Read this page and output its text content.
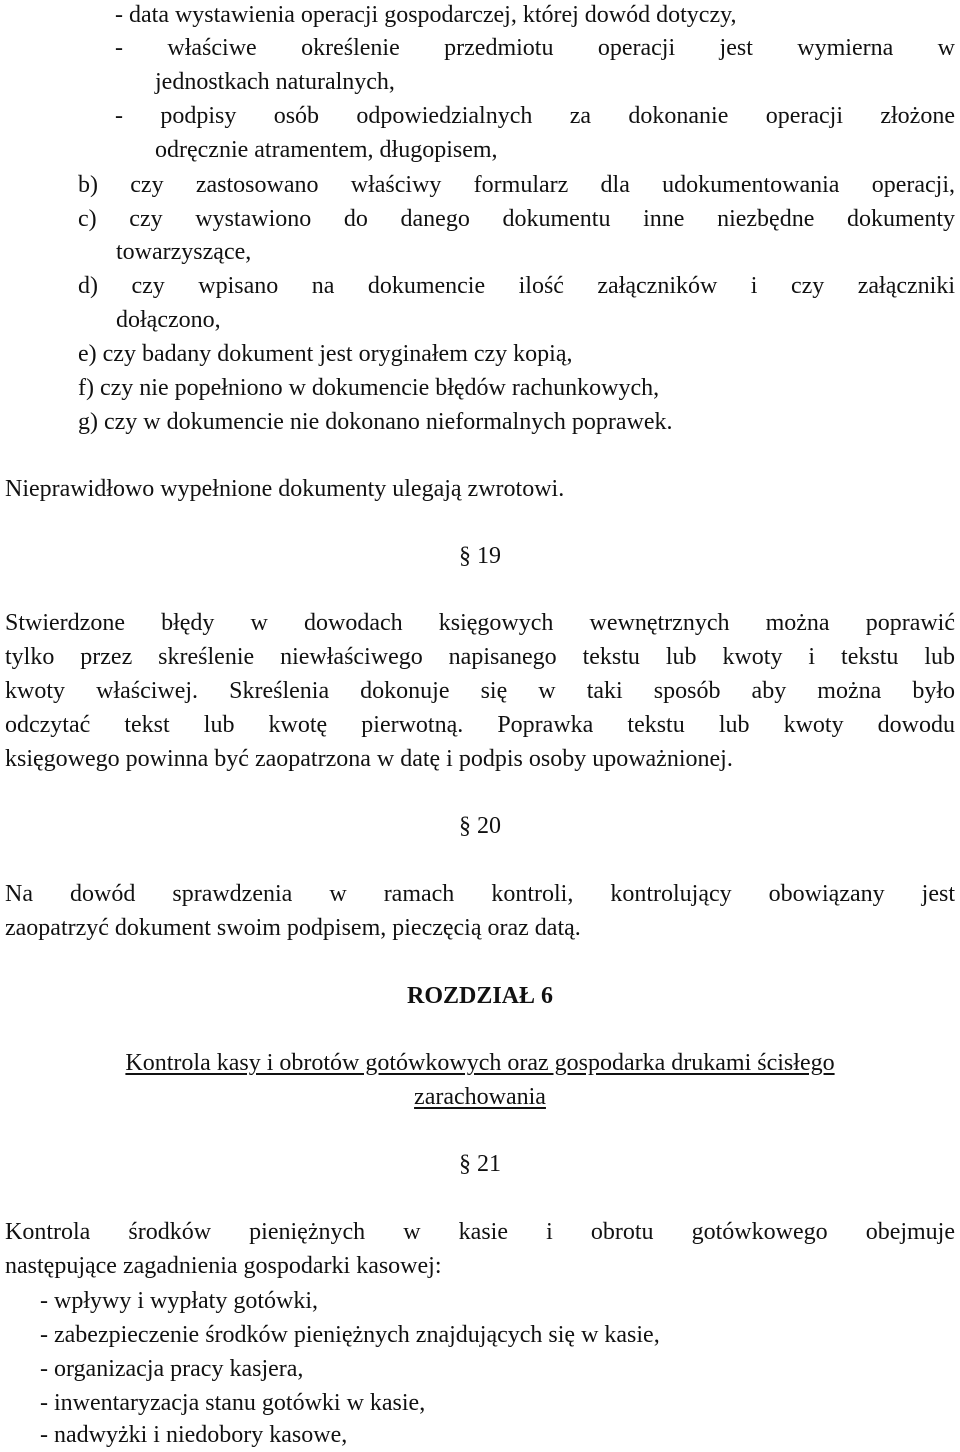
- data wystawienia operacji gospodarczej, której dowód dotyczy,
- właściwe określenie przedmiotu operacji jest wymierna w
jednostkach naturalnych,
- podpisy osób odpowiedzialnych za dokonanie operacji złożone
odręcznie atramentem, długopisem,
b) czy zastosowano właściwy formularz dla udokumentowania operacji,
c) czy wystawiono do danego dokumentu inne niezbędne dokumenty
towarzyszące,
d) czy wpisano na dokumencie ilość załączników i czy załączniki
dołączono,
e) czy badany dokument jest oryginałem czy kopią,
f) czy nie popełniono w dokumencie błędów rachunkowych,
g) czy w dokumencie nie dokonano nieformalnych poprawek.
Nieprawidłowo wypełnione dokumenty ulegają zwrotowi.
§ 19
Stwierdzone błędy w dowodach księgowych wewnętrznych można poprawić
tylko przez skreślenie niewłaściwego napisanego tekstu lub kwoty i tekstu lub
kwoty właściwej. Skreślenia dokonuje się w taki sposób aby można było
odczytać tekst lub kwotę pierwotną. Poprawka tekstu lub kwoty dowodu
księgowego powinna być zaopatrzona w datę i podpis osoby upoważnionej.
§ 20
Na dowód sprawdzenia w ramach kontroli, kontrolujący obowiązany jest
zaopatrzyć dokument swoim podpisem, pieczęcią oraz datą.
ROZDZIAŁ 6
Kontrola kasy i obrotów gotówkowych oraz gospodarka drukami ścisłego
zarachowania
§ 21
Kontrola środków pieniężnych w kasie i obrotu gotówkowego obejmuje
następujące zagadnienia gospodarki kasowej:
- wpływy i wypłaty gotówki,
- zabezpieczenie środków pieniężnych znajdujących się w kasie,
- organizacja pracy kasjera,
- inwentaryzacja stanu gotówki w kasie,
- nadwyżki i niedobory kasowe,
